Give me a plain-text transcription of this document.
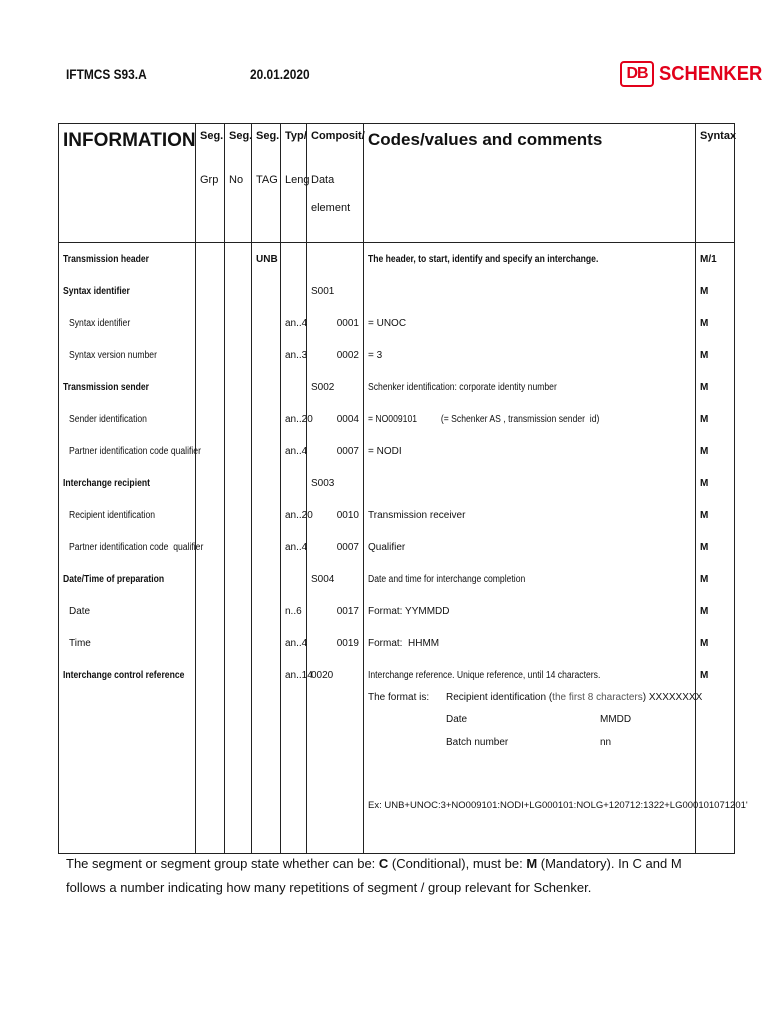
IFTMCS S93.A	20.01.2020	DB SCHENKER
INFORMATION	Seg.	Seg.	Seg.	Typ/	Composit/	Codes/values and comments	Syntax
	Grp	No	TAG	Leng	Data		
					element		
Transmission header			UNB			The header, to start, identify and specify an interchange.	M/1
Syntax identifier					S001		M
Syntax identifier				an..4	0001	= UNOC	M
Syntax version number				an..3	0002	= 3	M
Transmission sender					S002	Schenker identification: corporate identity number	M
Sender identification				an..20	0004	= NO009101          (= Schenker AS , transmission sender  id)	M
Partner identification code qualifier				an..4	0007	= NODI	M
Interchange recipient					S003		M
Recipient identification				an..20	0010	Transmission receiver	M
Partner identification code  qualifier				an..4	0007	Qualifier	M
Date/Time of preparation					S004	Date and time for interchange completion	M
Date				n..6	0017	Format: YYMMDD	M
Time				an..4	0019	Format:  HHMM	M
Interchange control reference				an..14	0020	Interchange reference. Unique reference, until 14 characters.	M

The format is: Recipient identification (the first 8 characters) XXXXXXXX
Date	MMDD
Batch number	nn
Ex: UNB+UNOC:3+NO009101:NODI+LG000101:NOLG+120712:1322+LG000101071201'
The segment or segment group state whether can be: C (Conditional), must be: M (Mandatory). In C and M follows a number indicating how many repetitions of segment / group relevant for Schenker.
